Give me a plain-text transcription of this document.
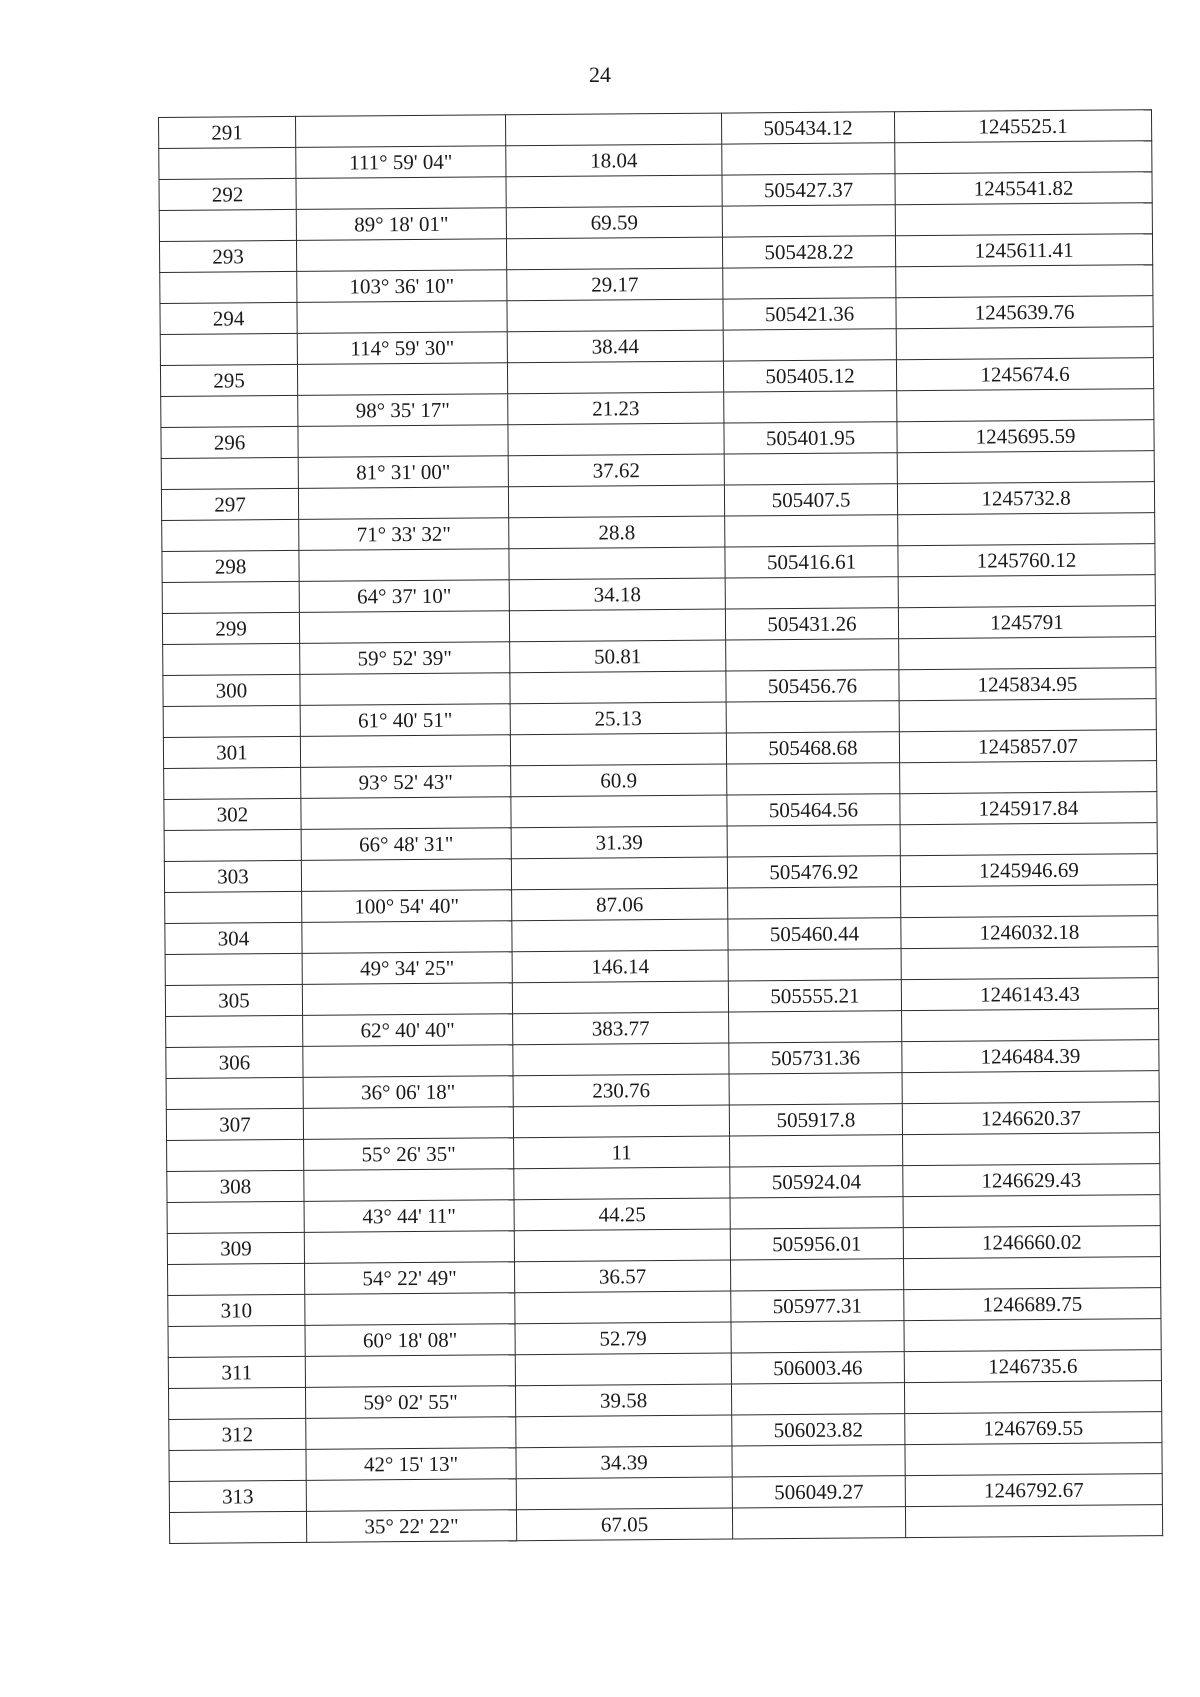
24
291			505434.12	1245525.1
	111° 59' 04"	18.04		
292			505427.37	1245541.82
	89° 18' 01"	69.59		
293			505428.22	1245611.41
	103° 36' 10"	29.17		
294			505421.36	1245639.76
	114° 59' 30"	38.44		
295			505405.12	1245674.6
	98° 35' 17"	21.23		
296			505401.95	1245695.59
	81° 31' 00"	37.62		
297			505407.5	1245732.8
	71° 33' 32"	28.8		
298			505416.61	1245760.12
	64° 37' 10"	34.18		
299			505431.26	1245791
	59° 52' 39"	50.81		
300			505456.76	1245834.95
	61° 40' 51"	25.13		
301			505468.68	1245857.07
	93° 52' 43"	60.9		
302			505464.56	1245917.84
	66° 48' 31"	31.39		
303			505476.92	1245946.69
	100° 54' 40"	87.06		
304			505460.44	1246032.18
	49° 34' 25"	146.14		
305			505555.21	1246143.43
	62° 40' 40"	383.77		
306			505731.36	1246484.39
	36° 06' 18"	230.76		
307			505917.8	1246620.37
	55° 26' 35"	11		
308			505924.04	1246629.43
	43° 44' 11"	44.25		
309			505956.01	1246660.02
	54° 22' 49"	36.57		
310			505977.31	1246689.75
	60° 18' 08"	52.79		
311			506003.46	1246735.6
	59° 02' 55"	39.58		
312			506023.82	1246769.55
	42° 15' 13"	34.39		
313			506049.27	1246792.67
	35° 22' 22"	67.05		
